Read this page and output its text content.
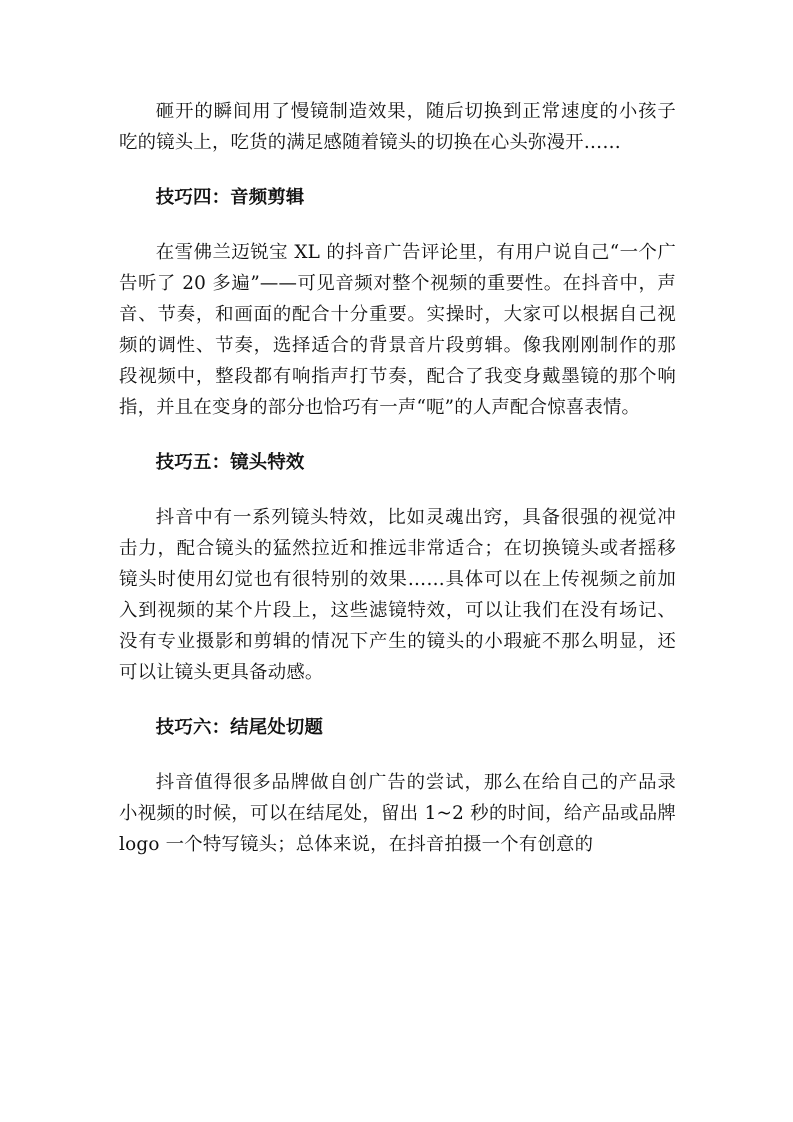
砸开的瞬间用了慢镜制造效果，随后切换到正常速度的小孩子吃的镜头上，吃货的满足感随着镜头的切换在心头弥漫开……

技巧四：音频剪辑

在雪佛兰迈锐宝 XL 的抖音广告评论里，有用户说自己“一个广告听了 20 多遍”——可见音频对整个视频的重要性。在抖音中，声音、节奏，和画面的配合十分重要。实操时，大家可以根据自己视频的调性、节奏，选择适合的背景音片段剪辑。像我刚刚制作的那段视频中，整段都有响指声打节奏，配合了我变身戴墨镜的那个响指，并且在变身的部分也恰巧有一声“呃”的人声配合惊喜表情。

技巧五：镜头特效

抖音中有一系列镜头特效，比如灵魂出窍，具备很强的视觉冲击力，配合镜头的猛然拉近和推远非常适合；在切换镜头或者摇移镜头时使用幻觉也有很特别的效果……具体可以在上传视频之前加入到视频的某个片段上，这些滤镜特效，可以让我们在没有场记、没有专业摄影和剪辑的情况下产生的镜头的小瑕疵不那么明显，还可以让镜头更具备动感。

技巧六：结尾处切题

抖音值得很多品牌做自创广告的尝试，那么在给自己的产品录小视频的时候，可以在结尾处，留出 1~2 秒的时间，给产品或品牌 logo 一个特写镜头；总体来说，在抖音拍摄一个有创意的
